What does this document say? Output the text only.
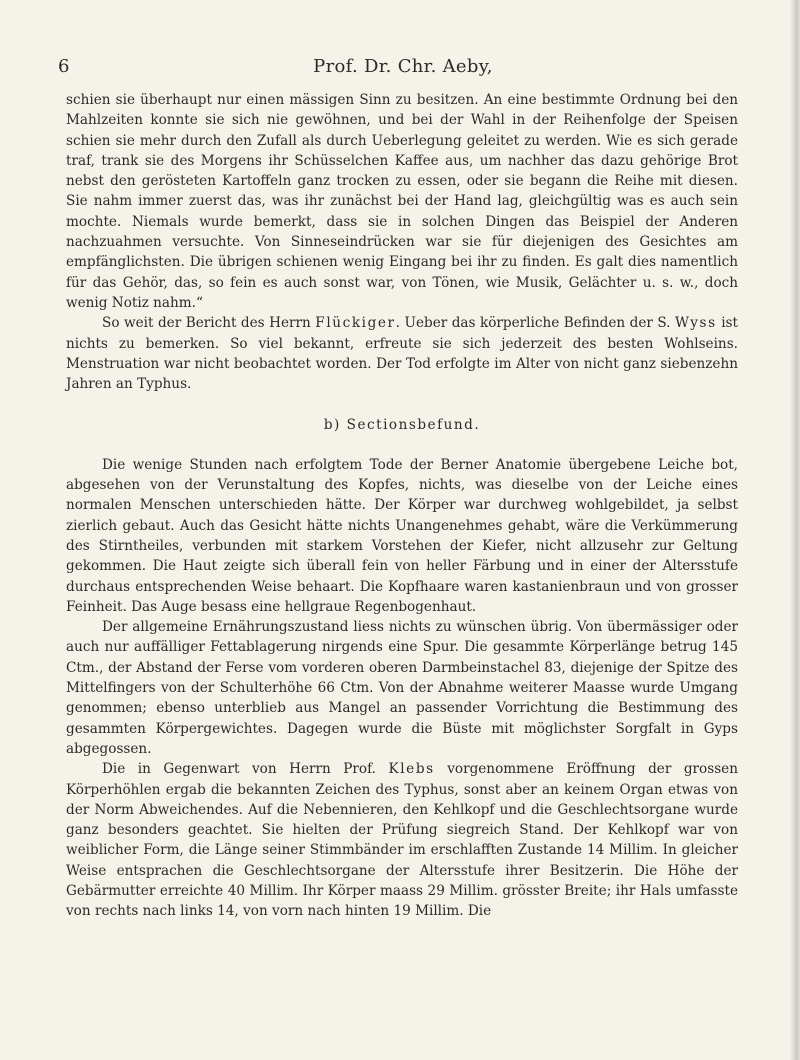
6	Prof. Dr. Chr. Aeby,

schien sie überhaupt nur einen mässigen Sinn zu besitzen. An eine bestimmte Ordnung bei den Mahlzeiten konnte sie sich nie gewöhnen, und bei der Wahl in der Reihenfolge der Speisen schien sie mehr durch den Zufall als durch Ueberlegung geleitet zu werden. Wie es sich gerade traf, trank sie des Morgens ihr Schüsselchen Kaffee aus, um nachher das dazu gehörige Brot nebst den gerösteten Kartoffeln ganz trocken zu essen, oder sie begann die Reihe mit diesen. Sie nahm immer zuerst das, was ihr zunächst bei der Hand lag, gleichgültig was es auch sein mochte. Niemals wurde bemerkt, dass sie in solchen Dingen das Beispiel der Anderen nachzuahmen versuchte. Von Sinneseindrücken war sie für diejenigen des Gesichtes am empfänglichsten. Die übrigen schienen wenig Eingang bei ihr zu finden. Es galt dies namentlich für das Gehör, das, so fein es auch sonst war, von Tönen, wie Musik, Gelächter u. s. w., doch wenig Notiz nahm.“

So weit der Bericht des Herrn Flückiger. Ueber das körperliche Befinden der S. Wyss ist nichts zu bemerken. So viel bekannt, erfreute sie sich jederzeit des besten Wohlseins. Menstruation war nicht beobachtet worden. Der Tod erfolgte im Alter von nicht ganz siebenzehn Jahren an Typhus.

b) Sectionsbefund.

Die wenige Stunden nach erfolgtem Tode der Berner Anatomie übergebene Leiche bot, abgesehen von der Verunstaltung des Kopfes, nichts, was dieselbe von der Leiche eines normalen Menschen unterschieden hätte. Der Körper war durchweg wohlgebildet, ja selbst zierlich gebaut. Auch das Gesicht hätte nichts Unangenehmes gehabt, wäre die Verkümmerung des Stirntheiles, verbunden mit starkem Vorstehen der Kiefer, nicht allzusehr zur Geltung gekommen. Die Haut zeigte sich überall fein von heller Färbung und in einer der Altersstufe durchaus entsprechenden Weise behaart. Die Kopfhaare waren kastanienbraun und von grosser Feinheit. Das Auge besass eine hellgraue Regenbogenhaut.

Der allgemeine Ernährungszustand liess nichts zu wünschen übrig. Von übermässiger oder auch nur auffälliger Fettablagerung nirgends eine Spur. Die gesammte Körperlänge betrug 145 Ctm., der Abstand der Ferse vom vorderen oberen Darmbeinstachel 83, diejenige der Spitze des Mittelfingers von der Schulterhöhe 66 Ctm. Von der Abnahme weiterer Maasse wurde Umgang genommen; ebenso unterblieb aus Mangel an passender Vorrichtung die Bestimmung des gesammten Körpergewichtes. Dagegen wurde die Büste mit möglichster Sorgfalt in Gyps abgegossen.

Die in Gegenwart von Herrn Prof. Klebs vorgenommene Eröffnung der grossen Körperhöhlen ergab die bekannten Zeichen des Typhus, sonst aber an keinem Organ etwas von der Norm Abweichendes. Auf die Nebennieren, den Kehlkopf und die Geschlechtsorgane wurde ganz besonders geachtet. Sie hielten der Prüfung siegreich Stand. Der Kehlkopf war von weiblicher Form, die Länge seiner Stimmbänder im erschlafften Zustande 14 Millim. In gleicher Weise entsprachen die Geschlechtsorgane der Altersstufe ihrer Besitzerin. Die Höhe der Gebärmutter erreichte 40 Millim. Ihr Körper maass 29 Millim. grösster Breite; ihr Hals umfasste von rechts nach links 14, von vorn nach hinten 19 Millim. Die
